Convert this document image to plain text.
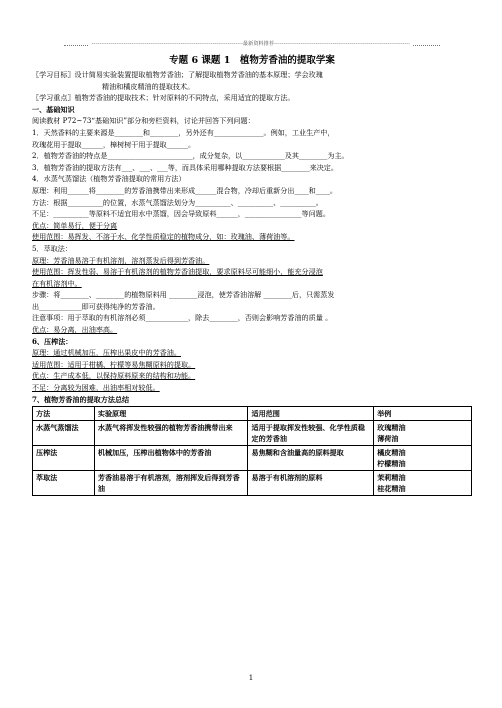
--------------------------------------------------------------------------------最新资料推荐------------------------------------------------------------------------
专题 6 课题 1　植物芳香油的提取学案
〖学习目标〗设计简易实验装置提取植物芳香油；了解提取植物芳香油的基本原理；学会玫瑰
精油和橘皮精油的提取技术。
〖学习重点〗植物芳香油的提取技术；针对原料的不同特点，采用适宜的提取方法。
一、基础知识
阅读教材 P72~73“基础知识”部分和旁栏资料，讨论并回答下列问题：
1．天然香料的主要来源是________和________，另外还有______________。例如，工业生产中，
玫瑰花用于提取______，樟树树干用于提取______。
2．植物芳香油的特点是________________________，成分复杂，以____________及其________为主。
3．植物芳香油的提取方法有___、___、___等，而具体采用哪种提取方法要根据________来决定。
4．水蒸气蒸馏法（植物芳香油提取的常用方法）
原理：利用______将________的芳香油携带出来形成______混合物，冷却后重新分出____和____。
方法：根据__________的位置，水蒸气蒸馏法划分为__________、__________、__________。
不足：__________等原料不适宜用水中蒸馏，因会导致原料______，________________等问题。
优点：简单易行，便于分离
使用范围：易挥发、不溶于水、化学性质稳定的植物成分，如：玫瑰油、薄荷油等。
5．萃取法：
原理：芳香油易溶于有机溶剂，溶剂蒸发后得到芳香油。
使用范围：挥发性弱、易溶于有机溶剂的植物芳香油提取，要求原料尽可能细小，能充分浸泡
在有机溶剂中。
步骤：将________、________的植物原料用 ________浸泡，使芳香油溶解 ________后，只需蒸发
出____________即可获得纯净的芳香油。
注意事项：用于萃取的有机溶剂必须____________，除去________，否则会影响芳香油的质量 。
优点：易分离，出油率高。
6、压榨法：
原理：通过机械加压，压榨出果皮中的芳香油。
适用范围：适用于柑橘、柠檬等易焦糊原料的提取。
优点：生产成本低，以保持原料原来的结构和功能。
不足：分离较为困难，出油率相对较低。
7、植物芳香油的提取方法总结
方法	实验原理	适用范围	举例
水蒸气蒸馏法	水蒸气将挥发性较强的植物芳香油携带出来	适用于提取挥发性较强、化学性质稳定的芳香油	玫瑰精油
薄荷油
压榨法	机械加压，压榨出植物体中的芳香油	易焦糊和含油量高的原料提取	橘皮精油
柠檬精油
萃取法	芳香油易溶于有机溶剂，溶剂挥发后得到芳香油	易溶于有机溶剂的原料	茉莉精油
桂花精油
1
